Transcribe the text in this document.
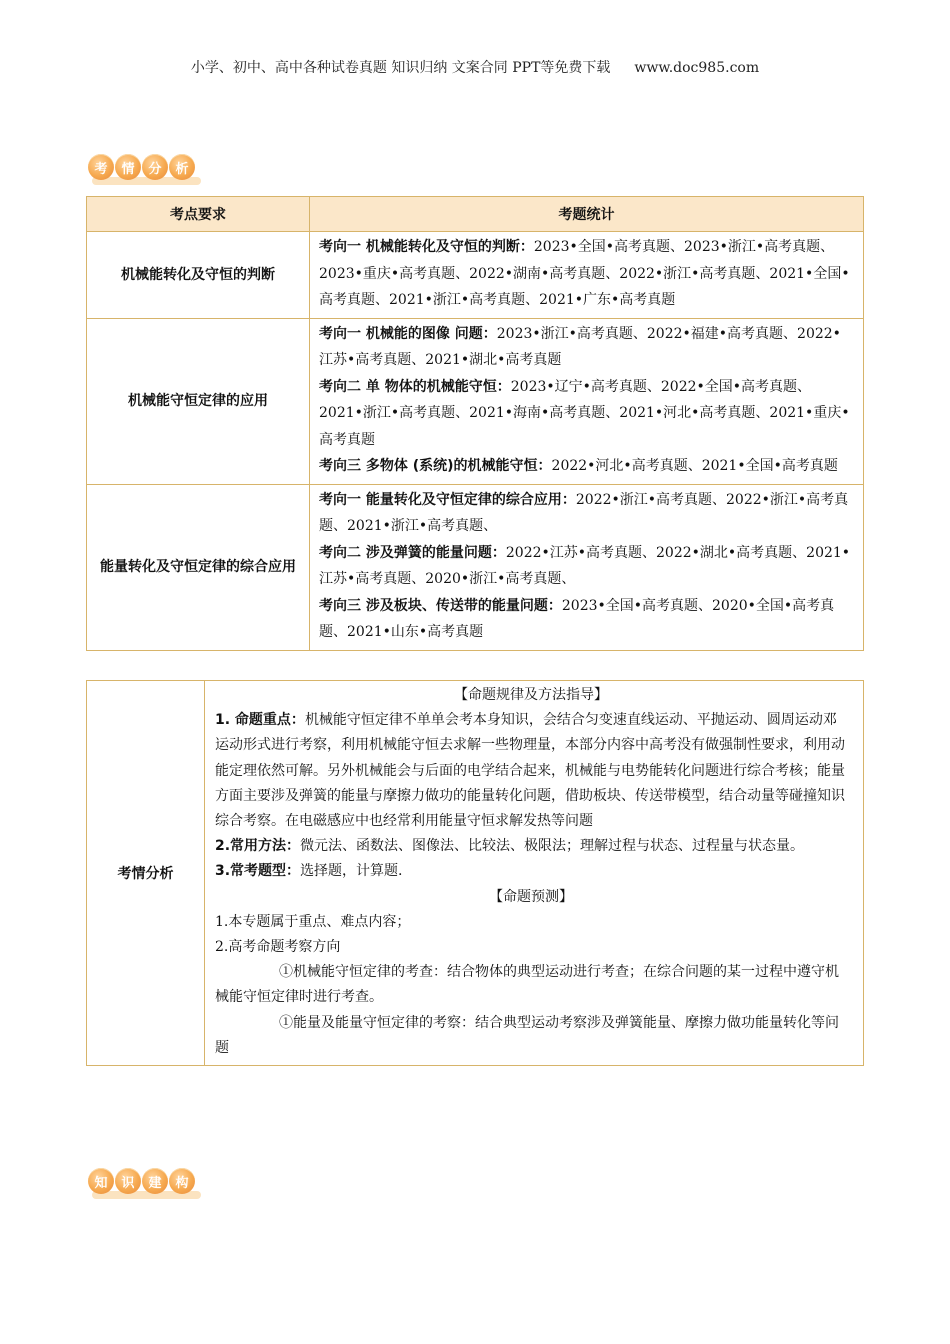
小学、初中、高中各种试卷真题 知识归纳 文案合同 PPT等免费下载 www.doc985.com
考	情	分	析
考点要求	考题统计
机械能转化及守恒的判断	考向一 机械能转化及守恒的判断：2023•全国•高考真题、2023•浙江•高考真题、2023•重庆•高考真题、2022•湖南•高考真题、2022•浙江•高考真题、2021•全国•高考真题、2021•浙江•高考真题、2021•广东•高考真题

机械能守恒定律的应用	考向一 机械能的图像 问题：2023•浙江•高考真题、2022•福建•高考真题、2022•江苏•高考真题、2021•湖北•高考真题
考向二 单 物体的机械能守恒：2023•辽宁•高考真题、2022•全国•高考真题、2021•浙江•高考真题、2021•海南•高考真题、2021•河北•高考真题、2021•重庆•高考真题
考向三 多物体 (系统)的机械能守恒：2022•河北•高考真题、2021•全国•高考真题

能量转化及守恒定律的综合应用	考向一 能量转化及守恒定律的综合应用：2022•浙江•高考真题、2022•浙江•高考真题、2021•浙江•高考真题、
考向二 涉及弹簧的能量问题：2022•江苏•高考真题、2022•湖北•高考真题、2021•江苏•高考真题、2020•浙江•高考真题、
考向三 涉及板块、传送带的能量问题：2023•全国•高考真题、2020•全国•高考真题、2021•山东•高考真题
考情分析	
【命题规律及方法指导】
1. 命题重点：机械能守恒定律不单单会考本身知识，会结合匀变速直线运动、平抛运动、圆周运动邓运动形式进行考察，利用机械能守恒去求解一些物理量，本部分内容中高考没有做强制性要求，利用动能定理依然可解。另外机械能会与后面的电学结合起来，机械能与电势能转化问题进行综合考核；能量方面主要涉及弹簧的能量与摩擦力做功的能量转化问题，借助板块、传送带模型，结合动量等碰撞知识综合考察。在电磁感应中也经常利用能量守恒求解发热等问题
2.常用方法：微元法、函数法、图像法、比较法、极限法；理解过程与状态、过程量与状态量。
3.常考题型：选择题，计算题.
【命题预测】
1.本专题属于重点、难点内容；
2.高考命题考察方向
①机械能守恒定律的考查：结合物体的典型运动进行考查；在综合问题的某一过程中遵守机械能守恒定律时进行考查。
①能量及能量守恒定律的考察：结合典型运动考察涉及弹簧能量、摩擦力做功能量转化等问题
知	识	建	构
